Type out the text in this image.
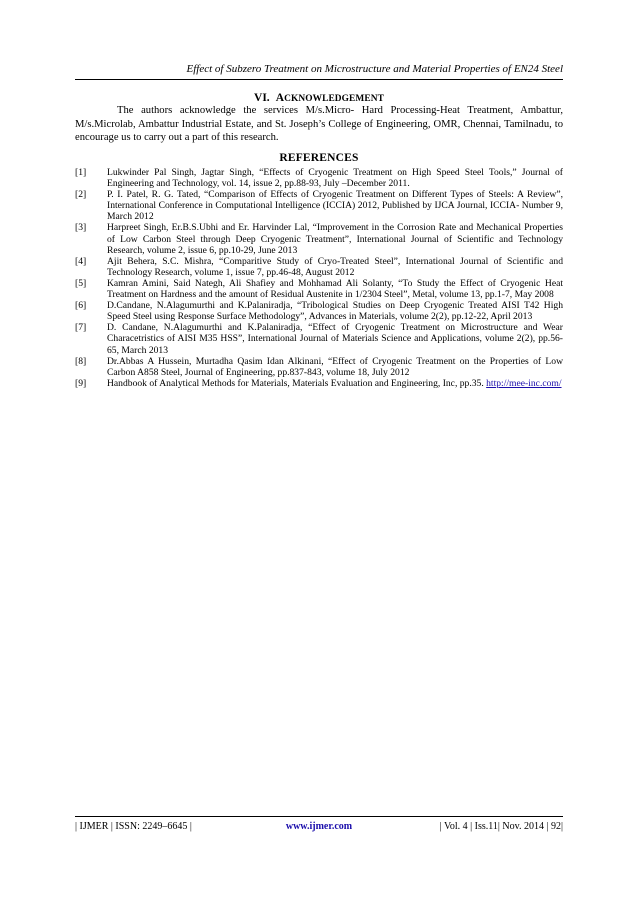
Effect of Subzero Treatment on Microstructure and Material Properties of EN24 Steel
VI. ACKNOWLEDGEMENT

The authors acknowledge the services M/s.Micro- Hard Processing-Heat Treatment, Ambattur, M/s.Microlab, Ambattur Industrial Estate, and St. Joseph’s College of Engineering, OMR, Chennai, Tamilnadu, to encourage us to carry out a part of this research.

REFERENCES
[1] Lukwinder Pal Singh, Jagtar Singh, “Effects of Cryogenic Treatment on High Speed Steel Tools,” Journal of Engineering and Technology, vol. 14, issue 2, pp.88-93, July –December 2011.
[2] P. I. Patel, R. G. Tated, “Comparison of Effects of Cryogenic Treatment on Different Types of Steels: A Review”, International Conference in Computational Intelligence (ICCIA) 2012, Published by IJCA Journal, ICCIA- Number 9, March 2012
[3] Harpreet Singh, Er.B.S.Ubhi and Er. Harvinder Lal, “Improvement in the Corrosion Rate and Mechanical Properties of Low Carbon Steel through Deep Cryogenic Treatment”, International Journal of Scientific and Technology Research, volume 2, issue 6, pp.10-29, June 2013
[4] Ajit Behera, S.C. Mishra, “Comparitive Study of Cryo-Treated Steel”, International Journal of Scientific and Technology Research, volume 1, issue 7, pp.46-48, August 2012
[5] Kamran Amini, Said Nategh, Ali Shafiey and Mohhamad Ali Solanty, “To Study the Effect of Cryogenic Heat Treatment on Hardness and the amount of Residual Austenite in 1/2304 Steel”, Metal, volume 13, pp.1-7, May 2008
[6] D.Candane, N.Alagumurthi and K.Palaniradja, “Tribological Studies on Deep Cryogenic Treated AISI T42 High Speed Steel using Response Surface Methodology”, Advances in Materials, volume 2(2), pp.12-22, April 2013
[7] D. Candane, N.Alagumurthi and K.Palaniradja, “Effect of Cryogenic Treatment on Microstructure and Wear Characetristics of AISI M35 HSS”, International Journal of Materials Science and Applications, volume 2(2), pp.56-65, March 2013
[8] Dr.Abbas A Hussein, Murtadha Qasim Idan Alkinani, “Effect of Cryogenic Treatment on the Properties of Low Carbon A858 Steel, Journal of Engineering, pp.837-843, volume 18, July 2012
[9] Handbook of Analytical Methods for Materials, Materials Evaluation and Engineering, Inc, pp.35. http://mee-inc.com/
| IJMER | ISSN: 2249–6645 |	www.ijmer.com	| Vol. 4 | Iss.11| Nov. 2014 | 92|
